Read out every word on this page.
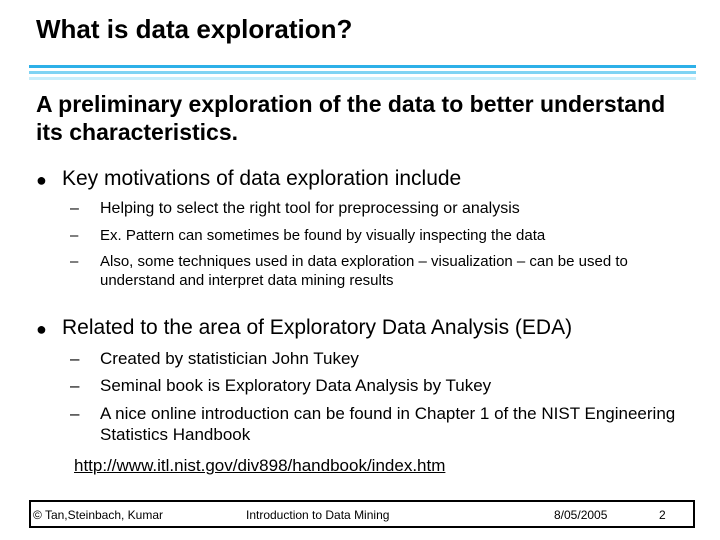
What is data exploration?
A preliminary exploration of the data to better understand its characteristics.
● Key motivations of data exploration include
– Helping to select the right tool for preprocessing or analysis
– Ex. Pattern can sometimes be found by visually inspecting the data
– Also, some techniques used in data exploration – visualization – can be used to understand and interpret data mining results
● Related to the area of Exploratory Data Analysis (EDA)
– Created by statistician John Tukey
– Seminal book is Exploratory Data Analysis by Tukey
– A nice online introduction can be found in Chapter 1 of the NIST Engineering Statistics Handbook
http://www.itl.nist.gov/div898/handbook/index.htm
© Tan,Steinbach, Kumar	Introduction to Data Mining	8/05/2005	2
